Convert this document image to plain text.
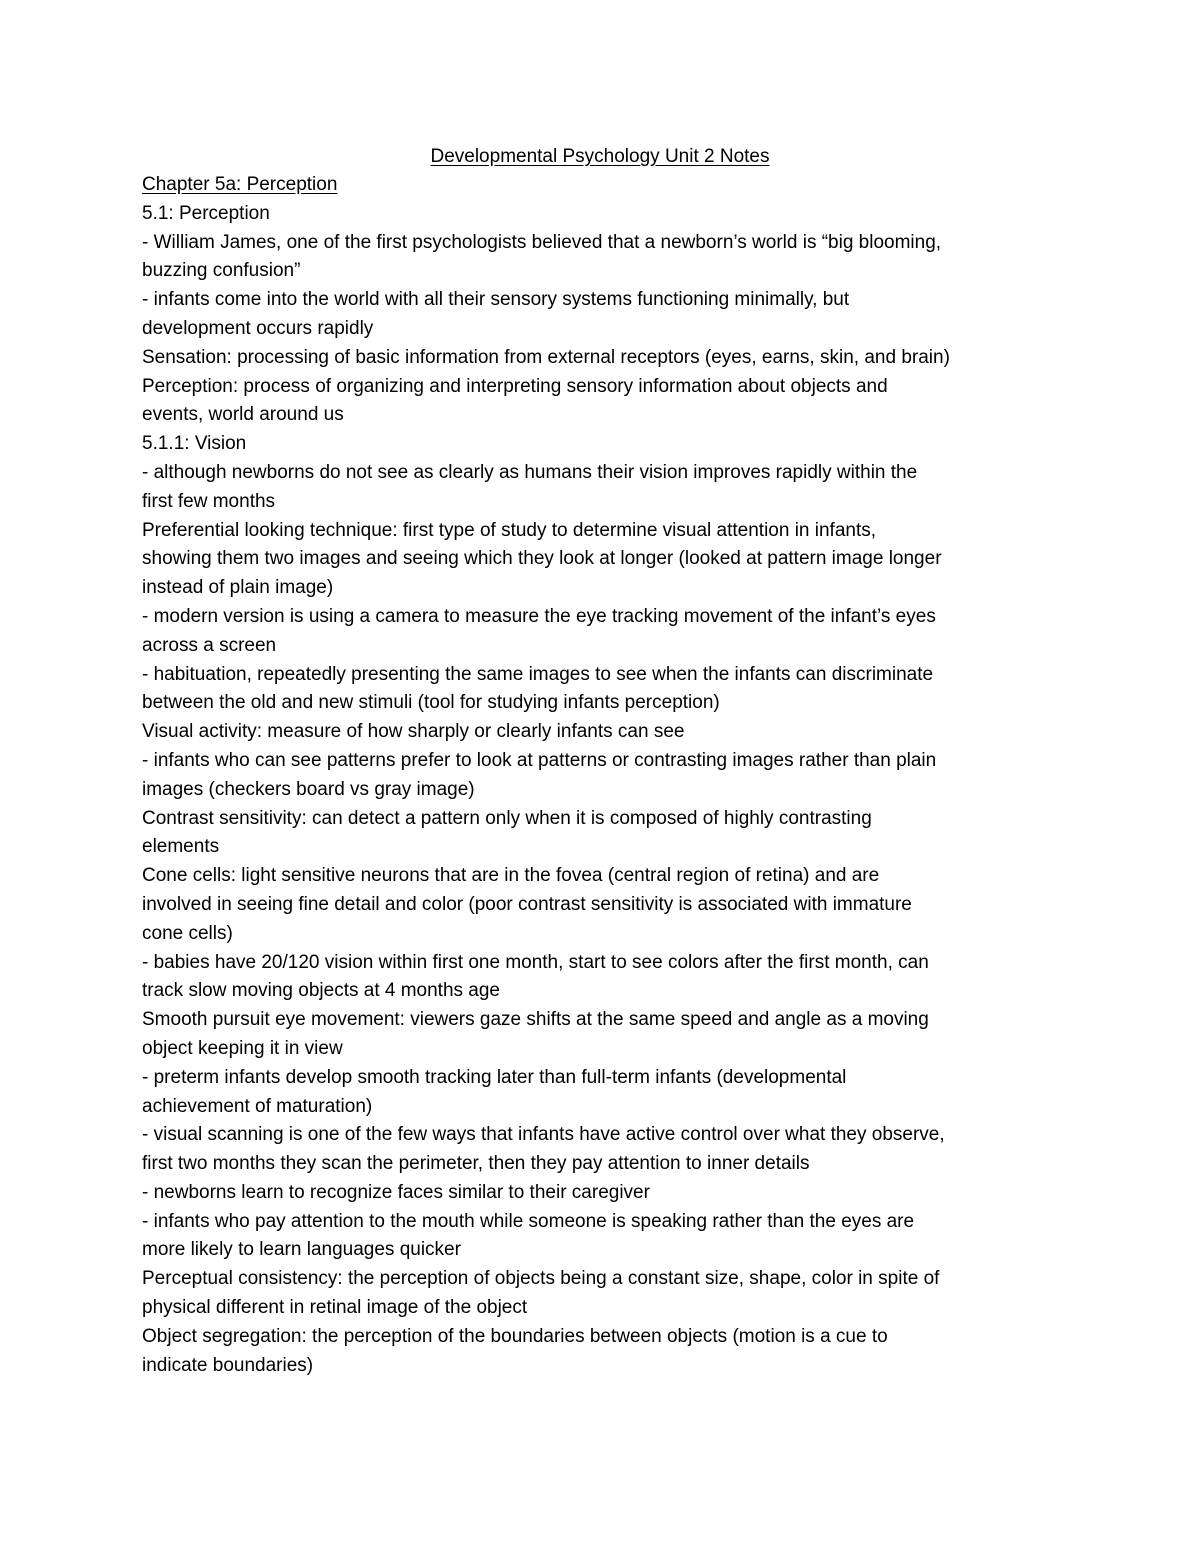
Developmental Psychology Unit 2 Notes
Chapter 5a: Perception
5.1: Perception
- William James, one of the first psychologists believed that a newborn’s world is “big blooming,
buzzing confusion”
- infants come into the world with all their sensory systems functioning minimally, but
development occurs rapidly
Sensation: processing of basic information from external receptors (eyes, earns, skin, and brain)
Perception: process of organizing and interpreting sensory information about objects and
events, world around us
5.1.1: Vision
- although newborns do not see as clearly as humans their vision improves rapidly within the
first few months
Preferential looking technique: first type of study to determine visual attention in infants,
showing them two images and seeing which they look at longer (looked at pattern image longer
instead of plain image)
- modern version is using a camera to measure the eye tracking movement of the infant’s eyes
across a screen
- habituation, repeatedly presenting the same images to see when the infants can discriminate
between the old and new stimuli (tool for studying infants perception)
Visual activity: measure of how sharply or clearly infants can see
- infants who can see patterns prefer to look at patterns or contrasting images rather than plain
images (checkers board vs gray image)
Contrast sensitivity: can detect a pattern only when it is composed of highly contrasting
elements
Cone cells: light sensitive neurons that are in the fovea (central region of retina) and are
involved in seeing fine detail and color (poor contrast sensitivity is associated with immature
cone cells)
- babies have 20/120 vision within first one month, start to see colors after the first month, can
track slow moving objects at 4 months age
Smooth pursuit eye movement: viewers gaze shifts at the same speed and angle as a moving
object keeping it in view
- preterm infants develop smooth tracking later than full-term infants (developmental
achievement of maturation)
- visual scanning is one of the few ways that infants have active control over what they observe,
first two months they scan the perimeter, then they pay attention to inner details
- newborns learn to recognize faces similar to their caregiver
- infants who pay attention to the mouth while someone is speaking rather than the eyes are
more likely to learn languages quicker
Perceptual consistency: the perception of objects being a constant size, shape, color in spite of
physical different in retinal image of the object
Object segregation: the perception of the boundaries between objects (motion is a cue to
indicate boundaries)
